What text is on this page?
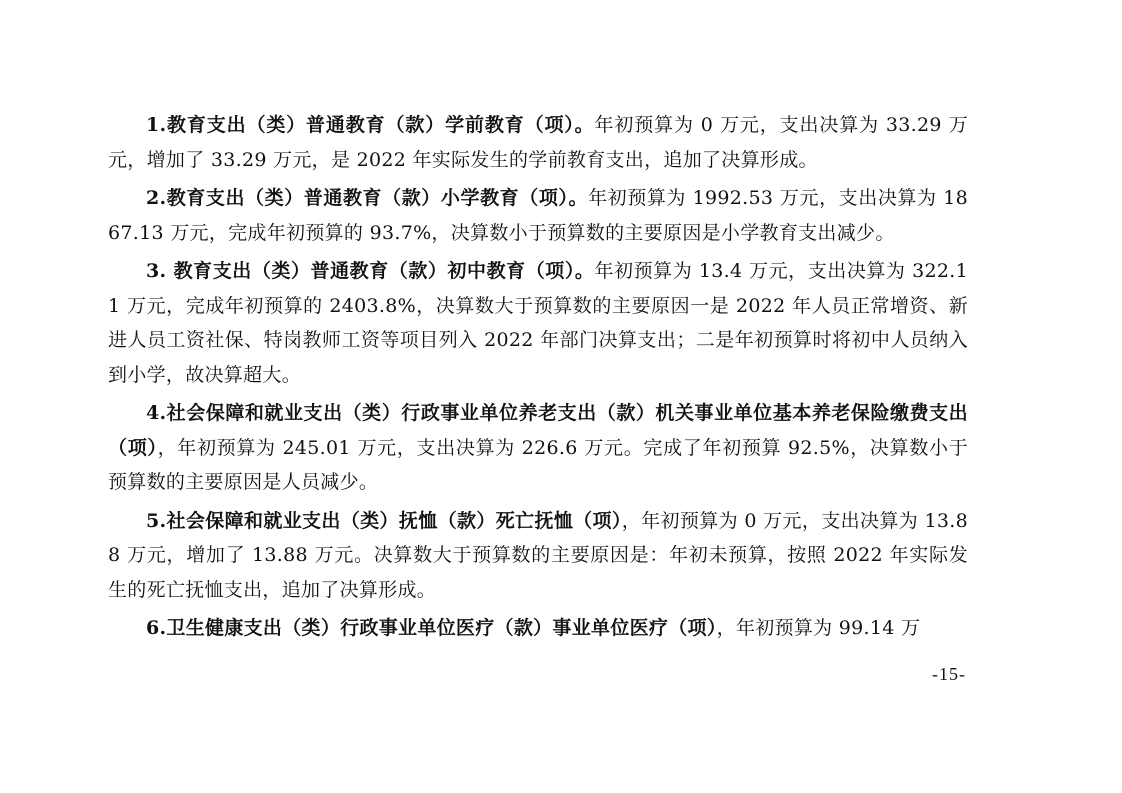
1.教育支出（类）普通教育（款）学前教育（项）。年初预算为 0 万元，支出决算为 33.29 万元，增加了 33.29 万元，是 2022 年实际发生的学前教育支出，追加了决算形成。

2.教育支出（类）普通教育（款）小学教育（项）。年初预算为 1992.53 万元，支出决算为 1867.13 万元，完成年初预算的 93.7%，决算数小于预算数的主要原因是小学教育支出减少。

3. 教育支出（类）普通教育（款）初中教育（项）。年初预算为 13.4 万元，支出决算为 322.11 万元，完成年初预算的 2403.8%，决算数大于预算数的主要原因一是 2022 年人员正常增资、新进人员工资社保、特岗教师工资等项目列入 2022 年部门决算支出；二是年初预算时将初中人员纳入到小学，故决算超大。

4.社会保障和就业支出（类）行政事业单位养老支出（款）机关事业单位基本养老保险缴费支出（项），年初预算为 245.01 万元，支出决算为 226.6 万元。完成了年初预算 92.5%，决算数小于预算数的主要原因是人员减少。

5.社会保障和就业支出（类）抚恤（款）死亡抚恤（项），年初预算为 0 万元，支出决算为 13.88 万元，增加了 13.88 万元。决算数大于预算数的主要原因是：年初未预算，按照 2022 年实际发生的死亡抚恤支出，追加了决算形成。

6.卫生健康支出（类）行政事业单位医疗（款）事业单位医疗（项），年初预算为 99.14 万

-15-
